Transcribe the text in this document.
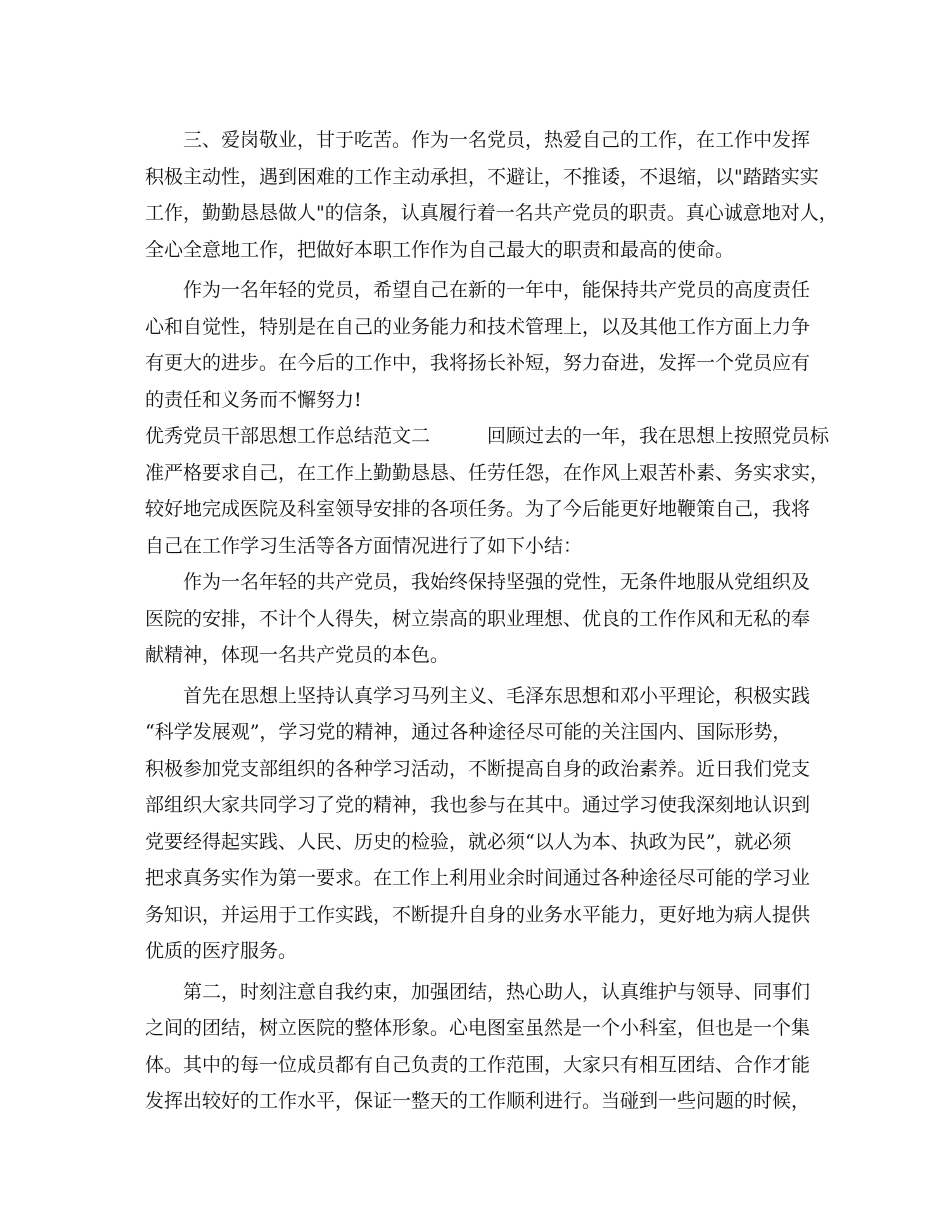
　　三、爱岗敬业，甘于吃苦。作为一名党员，热爱自己的工作，在工作中发挥
积极主动性，遇到困难的工作主动承担，不避让，不推诿，不退缩，以"踏踏实实
工作，勤勤恳恳做人"的信条，认真履行着一名共产党员的职责。真心诚意地对人，
全心全意地工作，把做好本职工作作为自己最大的职责和最高的使命。
　　作为一名年轻的党员，希望自己在新的一年中，能保持共产党员的高度责任
心和自觉性，特别是在自己的业务能力和技术管理上，以及其他工作方面上力争
有更大的进步。在今后的工作中，我将扬长补短，努力奋进，发挥一个党员应有
的责任和义务而不懈努力!
优秀党员干部思想工作总结范文二　　　回顾过去的一年，我在思想上按照党员标
准严格要求自己，在工作上勤勤恳恳、任劳任怨，在作风上艰苦朴素、务实求实，
较好地完成医院及科室领导安排的各项任务。为了今后能更好地鞭策自己，我将
自己在工作学习生活等各方面情况进行了如下小结：
　　作为一名年轻的共产党员，我始终保持坚强的党性，无条件地服从党组织及
医院的安排，不计个人得失，树立崇高的职业理想、优良的工作作风和无私的奉
献精神，体现一名共产党员的本色。
　　首先在思想上坚持认真学习马列主义、毛泽东思想和邓小平理论，积极实践
“科学发展观”，学习党的精神，通过各种途径尽可能的关注国内、国际形势，
积极参加党支部组织的各种学习活动，不断提高自身的政治素养。近日我们党支
部组织大家共同学习了党的精神，我也参与在其中。通过学习使我深刻地认识到
党要经得起实践、人民、历史的检验，就必须“以人为本、执政为民”，就必须
把求真务实作为第一要求。在工作上利用业余时间通过各种途径尽可能的学习业
务知识，并运用于工作实践，不断提升自身的业务水平能力，更好地为病人提供
优质的医疗服务。
　　第二，时刻注意自我约束，加强团结，热心助人，认真维护与领导、同事们
之间的团结，树立医院的整体形象。心电图室虽然是一个小科室，但也是一个集
体。其中的每一位成员都有自己负责的工作范围，大家只有相互团结、合作才能
发挥出较好的工作水平，保证一整天的工作顺利进行。当碰到一些问题的时候，
